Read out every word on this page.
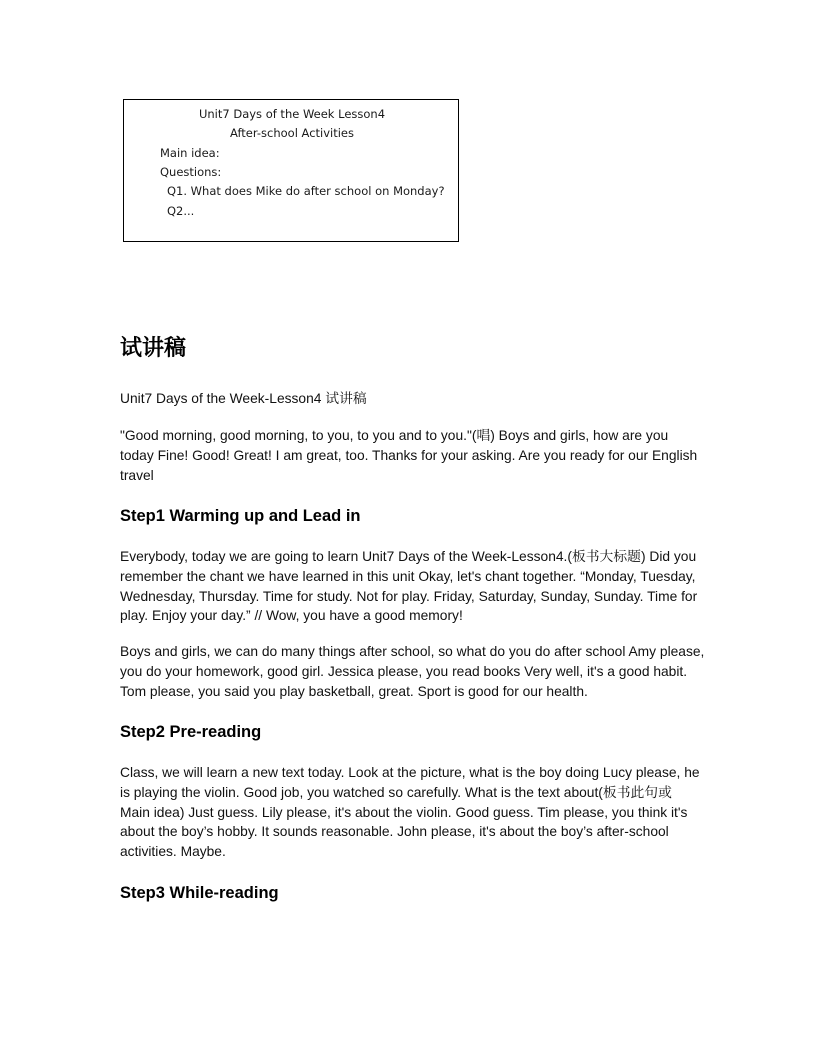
Unit7 Days of the Week Lesson4
After-school Activities
Main idea:
Questions:
Q1. What does Mike do after school on Monday?
Q2...
试讲稿

Unit7 Days of the Week-Lesson4 试讲稿

"Good morning, good morning, to you, to you and to you."(唱) Boys and girls, how are you today Fine! Good! Great! I am great, too. Thanks for your asking. Are you ready for our English travel

Step1 Warming up and Lead in

Everybody, today we are going to learn Unit7 Days of the Week-Lesson4.(板书大标题) Did you remember the chant we have learned in this unit Okay, let's chant together. “Monday, Tuesday, Wednesday, Thursday. Time for study. Not for play. Friday, Saturday, Sunday, Sunday. Time for play. Enjoy your day.” // Wow, you have a good memory!

Boys and girls, we can do many things after school, so what do you do after school Amy please, you do your homework, good girl. Jessica please, you read books Very well, it's a good habit. Tom please, you said you play basketball, great. Sport is good for our health.

Step2 Pre-reading

Class, we will learn a new text today. Look at the picture, what is the boy doing Lucy please, he is playing the violin. Good job, you watched so carefully. What is the text about(板书此句或 Main idea) Just guess. Lily please, it's about the violin. Good guess. Tim please, you think it's about the boy’s hobby. It sounds reasonable. John please, it's about the boy’s after-school activities. Maybe.

Step3 While-reading
